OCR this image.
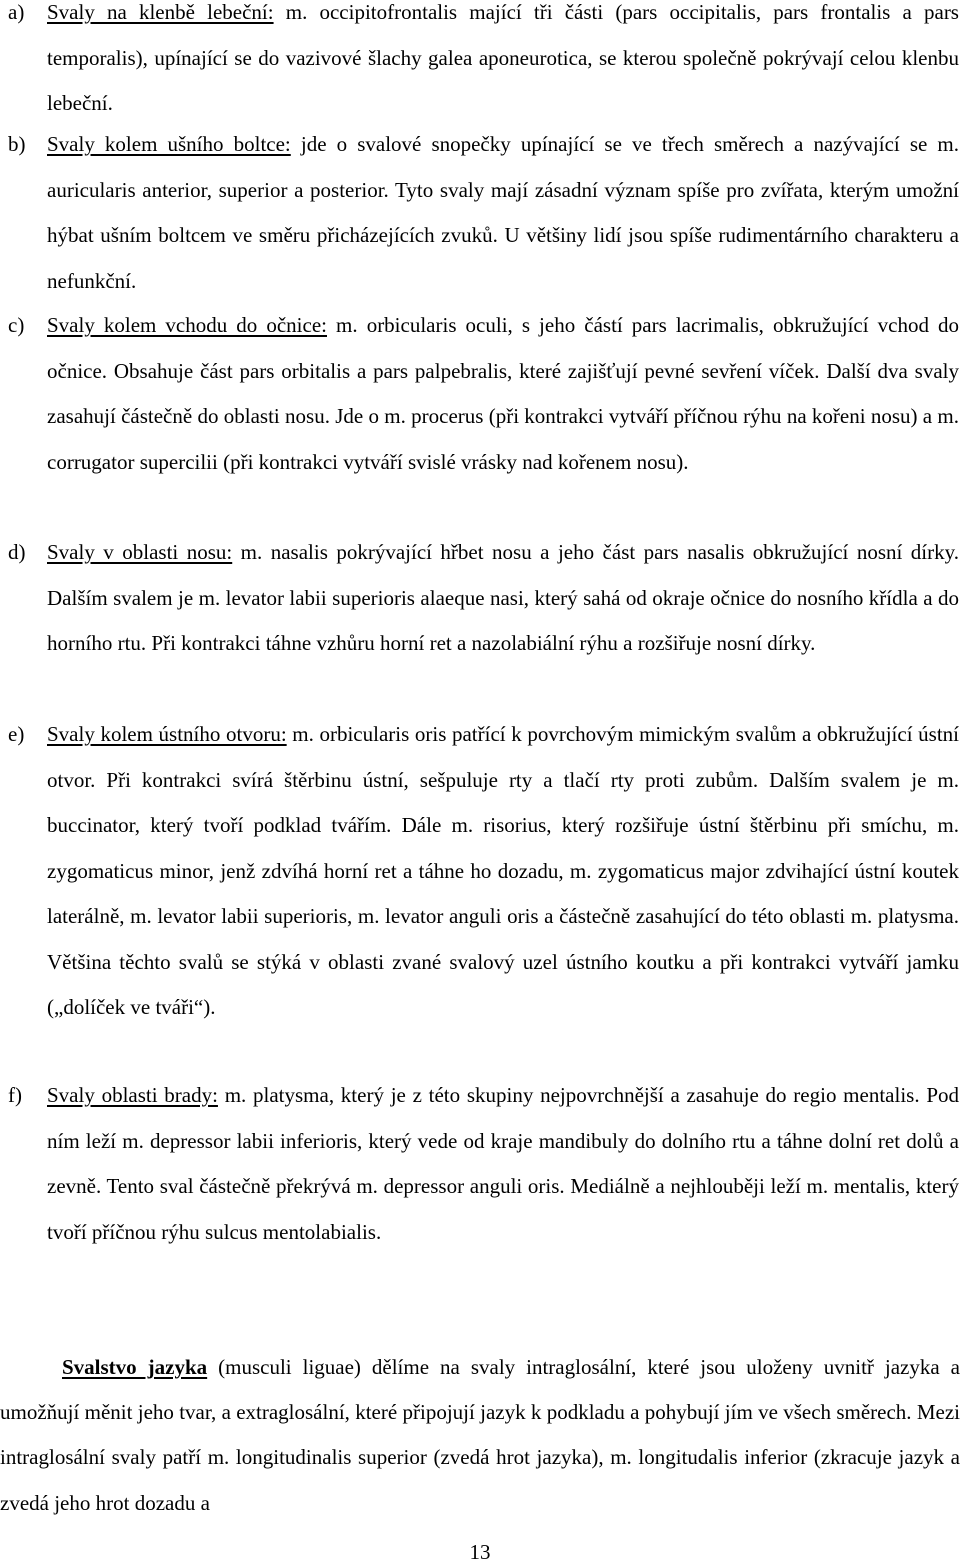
a) Svaly na klenbě lebeční: m. occipitofrontalis mající tři části (pars occipitalis, pars frontalis a pars temporalis), upínající se do vazivové šlachy galea aponeurotica, se kterou společně pokrývají celou klenbu lebeční.
b) Svaly kolem ušního boltce: jde o svalové snopečky upínající se ve třech směrech a nazývající se m. auricularis anterior, superior a posterior. Tyto svaly mají zásadní význam spíše pro zvířata, kterým umožní hýbat ušním boltcem ve směru přicházejících zvuků. U většiny lidí jsou spíše rudimentárního charakteru a nefunkční.
c) Svaly kolem vchodu do očnice: m. orbicularis oculi, s jeho částí pars lacrimalis, obkružující vchod do očnice. Obsahuje část pars orbitalis a pars palpebralis, které zajišťují pevné sevření víček. Další dva svaly zasahují částečně do oblasti nosu. Jde o m. procerus (při kontrakci vytváří příčnou rýhu na kořeni nosu) a m. corrugator supercilii (při kontrakci vytváří svislé vrásky nad kořenem nosu).
d) Svaly v oblasti nosu: m. nasalis pokrývající hřbet nosu a jeho část pars nasalis obkružující nosní dírky. Dalším svalem je m. levator labii superioris alaeque nasi, který sahá od okraje očnice do nosního křídla a do horního rtu. Při kontrakci táhne vzhůru horní ret a nazolabiální rýhu a rozšiřuje nosní dírky.
e) Svaly kolem ústního otvoru: m. orbicularis oris patřící k povrchovým mimickým svalům a obkružující ústní otvor. Při kontrakci svírá štěrbinu ústní, sešpuluje rty a tlačí rty proti zubům. Dalším svalem je m. buccinator, který tvoří podklad tvářím. Dále m. risorius, který rozšiřuje ústní štěrbinu při smíchu, m. zygomaticus minor, jenž zdvíhá horní ret a táhne ho dozadu, m. zygomaticus major zdvihající ústní koutek laterálně, m. levator labii superioris, m. levator anguli oris a částečně zasahující do této oblasti m. platysma. Většina těchto svalů se stýká v oblasti zvané svalový uzel ústního koutku a při kontrakci vytváří jamku („dolíček ve tváři“).
f) Svaly oblasti brady: m. platysma, který je z této skupiny nejpovrchnější a zasahuje do regio mentalis. Pod ním leží m. depressor labii inferioris, který vede od kraje mandibuly do dolního rtu a táhne dolní ret dolů a zevně. Tento sval částečně překrývá m. depressor anguli oris. Mediálně a nejhlouběji leží m. mentalis, který tvoří příčnou rýhu sulcus mentolabialis.
Svalstvo jazyka (musculi liguae) dělíme na svaly intraglosální, které jsou uloženy uvnitř jazyka a umožňují měnit jeho tvar, a extraglosální, které připojují jazyk k podkladu a pohybují jím ve všech směrech. Mezi intraglosální svaly patří m. longitudinalis superior (zvedá hrot jazyka), m. longitudalis inferior (zkracuje jazyk a zvedá jeho hrot dozadu a
13
